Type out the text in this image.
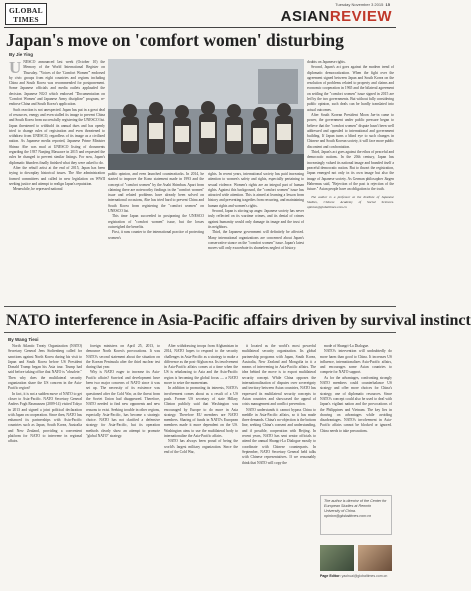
GLOBAL
TIMES
Tuesday November 3 2015 15
ASIANREVIEW
Japan's move on 'comfort women' disturbing
By Jie Ying

UNESCO announced last week (October 10) the Memory of the World International Register on Thursday. "Voices of the 'Comfort Women'" endorsed by civic groups from eight countries and regions including China and South Korea was recommended for postponement. Some Japanese officials and media outlets applauded the decision. Japanese NGO which endorsed "Documentation on 'Comfort Women' and Japanese Army discipline" program, re-endorse China and South Korea's application.

Such reaction is not unexpected. Japan has put in a great deal of resources, energy and even stalled its image to prevent China and South Korea from successfully registering the UNESCO list. Japan threatened to withhold its annual dues and has openly tried to change rules of registration and even threatened to withdraw from UNESCO, regardless of its image as a civilized nation. As Japanese media reported, Japanese Prime Minister Shinzo Abe was mad at UNESCO listing of documents regarding the 1937 Nanjing Massacre in 2015 and requested the rules be changed to prevent similar listings. For now, Japan's diplomatic blunders finally finished what they were asked to do.

After the rebuff artist at the end of 2015, Japan has been trying to downplay historical issues. The Abe administration formed committees and called in new legislation on WWII seeking justice and attempt to realign Japan's reputation.

Meanwhile, he repressed national

public opinion, and even launched counterattacks. In 2014, he started to improve the Kono statement made in 1993 and the concept of "comfort women" by the Asahi Shimbun. Apart from claiming there are noteworthy findings in the "comfort women" issue and related problems have already been solved on international occasions, Abe has tried hard to prevent China and South Korea from registering the "comfort women" on UNESCO list.

This time Japan succeeded in postponing the UNESCO registration of "comfort women" issue, but the losses outweighed the benefits.

First, it runs counter to the international practice of protecting women's

rights. In recent years, international society has paid increasing attention to women's safety and rights, especially pertaining to sexual violence. Women's rights are an integral part of human rights. Against this background, the "comfort women" issue has attracted wide attention. This is aimed at learning a lesson from history and preventing tragedies from recurring, and maintaining human rights and women's rights.

Second, Japan is stirring up anger. Japanese society has never truly reflected on its wartime crimes, and its denial of crimes against humanity would only damage its image and the trust of its neighbors.

Third, the Japanese government will definitely be affected. Many international organizations are concerned about Japan's conservative stance on the "comfort women" issue. Japan's latest moves will only exacerbate its shameless neglect of history.

doubts on Japanese rights.

Second, Japan's act goes against the modern trend of diplomatic democratization. When the fight over the agreement signed between Japan and South Korea on the resolution of problems related to property and claims and economic cooperation in 1965 and the bilateral agreement on settling the "comfort women" issue signed in 2015 are led by the two governments. But without fully considering public opinion, such deals can be hardly translated into actual outcomes.

After South Korean President Moon Jae-in came to power, the government under public pressure began to believe that the "comfort women" dispute hasn't been well addressed and appealed to international and government building. If Japan turns a blind eye to such changes in Chinese and South Korean society, it will face more public discontent and confrontation.

Third, Japan's act goes against the ethos of peaceful and democratic nations. In the 20th century, Japan has increasingly valued its national image and branded itself a peaceful democratic nation. But to thwart the registration, Japan emerged not only in its own image but also the image of Japanese society. As German philosopher Jürgen Habermas said, "Rejection of the past is rejection of the future." Asian people have an obligation to the truth.

The author is a professor at the Institute of Japanese Studies, Chinese Academy of Social Sciences. opinion@globaltimes.com.cn

NATO interference in Asia-Pacific affairs driven by survival instinct
By Wang Tiexi

North Atlantic Treaty Organization (NATO) Secretary General Jens Stoltenberg called for sanctions against North Korea during his visit to Japan and South Korea before US President Donald Trump began his Asia tour. Trump had said before taking office that NATO is "obsolete." Then why does the multilateral security organization share the US concern in the Asia-Pacific region?

In fact, it is not a sudden move of NATO to get closer to Asia-Pacific. NATO Secretary General Anders Fogh Rasmussen (2009-14) visited Tokyo in 2013 and signed a joint political declaration with Japan on cooperation. Since then, NATO has enhanced its partnerships with Asia-Pacific countries such as Japan, South Korea, Australia and New Zealand, providing a convenient platform for NATO to intervene in regional affairs.

foreign ministers on April 25, 2013, to denounce North Korea's provocations. It was NATO's second statement about the situation on the Korean Peninsula after the third nuclear test during that year.

Why is NATO eager to increase its Asia-Pacific affairs? Survival and development have been two major concerns of NATO since it was set up. The necessity of its existence was questioned after the Cold War, as the threat from the Soviet Union had disappeared. Therefore, NATO needed to find new opponents and new reasons to exist. Seeking trouble in other regions, especially Asia-Pacific, has become a strategic choice. NATO has not clarified a defensive strategy for Asia-Pacific, but its operation methods clearly show an attempt to promote "global NATO" strategy.

After withdrawing troops from Afghanistan in 2014, NATO hopes to respond to the security challenges in Asia-Pacific as a strategy to make a difference as the post-Afghan era. Its involvement in Asia-Pacific affairs comes at a time when the US is rebalancing to Asia and the Asia-Pacific region is becoming the global focus — a NATO move to seize the momentum.

In addition to promoting its interests, NATO's involvement comes about as a result of a US push. Former US secretary of state Hillary Clinton publicly said that Washington was encouraged by Europe to do more in Asia strategy. Therefore EU members are NATO members. Sharing of funds in NATO's European members made it more dependent on the US. Washington aims to use the multilateral body to internationalize the Asia-Pacific affairs.

NATO has always been proud of being the world's largest military organization. Since the end of the Cold War,

it located as the world's most powerful multilateral security organization. Its global partnership programs with Japan, South Korea, Australia, New Zealand and Mongolia in it a means of intervening in Asia-Pacific affairs. The idea behind the move is to export multilateral security concept. While China opposes the internationalization of disputes over sovereignty and territory between Asian countries, NATO has expressed its multilateral security concepts to Asian countries and showcased the appeal of crisis management and conflict prevention.

NATO understands it cannot bypass China to meddle in Asia-Pacific affairs, so it has made three demands. China's no-objection is the bottom line, seeking China's consent and understanding, and if possible, cooperation with Beijing. In recent years, NATO has sent senior officials to attend the annual Shangri-La Dialogue mostly to coordinate with Chinese counterparts. In September, NATO Secretary General held talks with Chinese representatives. If we reasonably think that NATO will copy the

mode of Shangri-La Dialogue.

NATO's intervention will undoubtedly do more harm than good to China. It increases US influence, internationalizes Asia-Pacific affairs, and encourages some Asian countries to compete for NATO support.

As for the advantages, confronting strongly NATO members could counterbalance US strategy and offer more choices for China's strategy, one of diplomatic resources. Since NATO's concept could also be used to deal with Japan's vigilant nation and the provocations of the Philippines and Vietnam. The key lies in drawing on advantages while avoiding disadvantages. NATO's involvement in Asia-Pacific affairs cannot be blocked or ignored. China needs to take precautions.

The author is director of the Center for European Studies at Renmin University of China. opinion@globaltimes.com.cn
Page Editor: yaohuai@globaltimes.com.cn
